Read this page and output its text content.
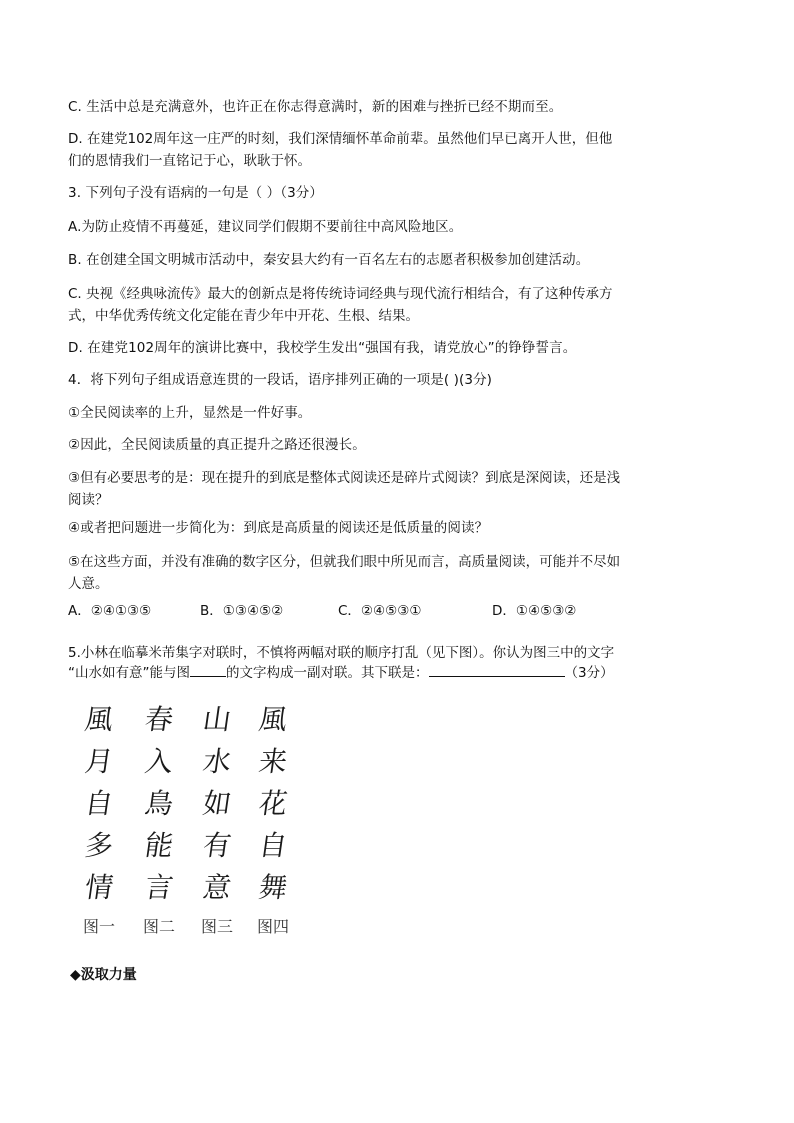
C. 生活中总是充满意外，也许正在你志得意满时，新的困难与挫折已经不期而至。
D. 在建党102周年这一庄严的时刻，我们深情缅怀革命前辈。虽然他们早已离开人世，但他
们的恩情我们一直铭记于心，耿耿于怀。
3. 下列句子没有语病的一句是（ ）（3分）
A.为防止疫情不再蔓延，建议同学们假期不要前往中高风险地区。
B. 在创建全国文明城市活动中，秦安县大约有一百名左右的志愿者积极参加创建活动。
C. 央视《经典咏流传》最大的创新点是将传统诗词经典与现代流行相结合，有了这种传承方
式，中华优秀传统文化定能在青少年中开花、生根、结果。
D. 在建党102周年的演讲比赛中，我校学生发出“强国有我，请党放心”的铮铮誓言。
4．将下列句子组成语意连贯的一段话，语序排列正确的一项是( )(3分)
①全民阅读率的上升，显然是一件好事。
②因此，全民阅读质量的真正提升之路还很漫长。
③但有必要思考的是：现在提升的到底是整体式阅读还是碎片式阅读？到底是深阅读，还是浅
阅读？
④或者把问题进一步简化为：到底是高质量的阅读还是低质量的阅读？
⑤在这些方面，并没有准确的数字区分，但就我们眼中所见而言，高质量阅读，可能并不尽如
人意。
A．②④①③⑤	B．①③④⑤②	C．②④⑤③①	D．①④⑤③②
5.小林在临摹米芾集字对联时，不慎将两幅对联的顺序打乱（见下图）。你认为图三中的文字
“山水如有意”能与图	的文字构成一副对联。其下联是：	（3分）
風
月
自
多
情
图一
春
入
鳥
能
言
图二
山
水
如
有
意
图三
風
来
花
自
舞
图四
◆汲取力量
